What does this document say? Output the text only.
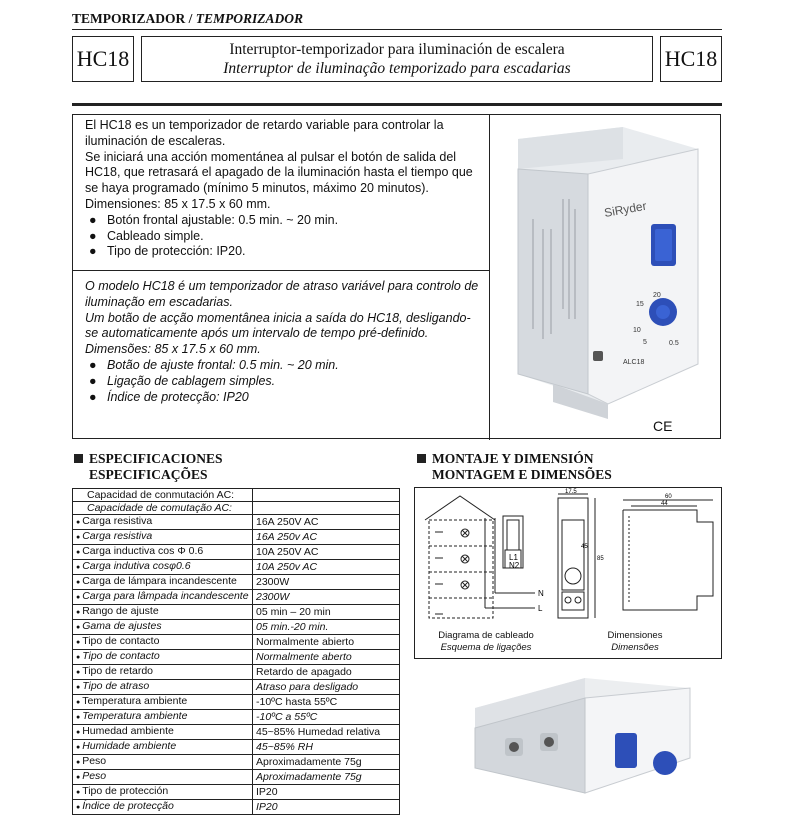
TEMPORIZADOR / TEMPORIZADOR
HC18	Interruptor-temporizador para iluminación de escalera
Interruptor de iluminação temporizado para escadarias	HC18
El HC18 es un temporizador de retardo variable para controlar la iluminación de escaleras.
Se iniciará una acción momentánea al pulsar el botón de salida del HC18, que retrasará el apagado de la iluminación hasta el tiempo que se haya programado (mínimo 5 minutos, máximo 20 minutos).
Dimensiones: 85 x 17.5 x 60 mm.
● Botón frontal ajustable: 0.5 min. ~ 20 min.
● Cableado simple.
● Tipo de protección: IP20.
O modelo HC18 é um temporizador de atraso variável para controlo de iluminação em escadarias.
Um botão de acção momentânea inicia a saída do HC18, desligando-se automaticamente após um intervalo de tempo pré-definido.
Dimensões: 85 x 17.5 x 60 mm.
● Botão de ajuste frontal: 0.5 min. ~ 20 min.
● Ligação de cablagem simples.
● Índice de protecção: IP20
SiRyder
20
15
10
5	0.5
ALC18
CE
ESPECIFICACIONES
ESPECIFICAÇÕES
MONTAJE Y DIMENSIÓN
MONTAGEM E DIMENSÕES
Capacidad de conmutación AC:	
Capacidade de comutação AC:	
● Carga resistiva	16A 250V AC
● Carga resistiva	16A 250v AC
● Carga inductiva cos Φ 0.6	10A 250V AC
● Carga indutiva cosφ0.6	10A 250v AC
● Carga de lámpara incandescente	2300W
● Carga para lâmpada incandescente	2300W
● Rango de ajuste	05 min – 20 min
● Gama de ajustes	05 min.-20 min.
● Tipo de contacto	Normalmente abierto
● Tipo de contacto	Normalmente aberto
● Tipo de retardo	Retardo de apagado
● Tipo de atraso	Atraso para desligado
● Temperatura ambiente	-10ºC hasta 55ºC
● Temperatura ambiente	-10ºC a 55ºC
● Humedad ambiente	45~85% Humedad relativa
● Humidade ambiente	45~85% RH
● Peso	Aproximadamente 75g
● Peso	Aproximadamente 75g
● Tipo de protección	IP20
● Índice de protecção	IP20
L1
N2
N
L
17.5
85
60
44
45
Diagrama de cableado
Esquema de ligações
Dimensiones
Dimensões
